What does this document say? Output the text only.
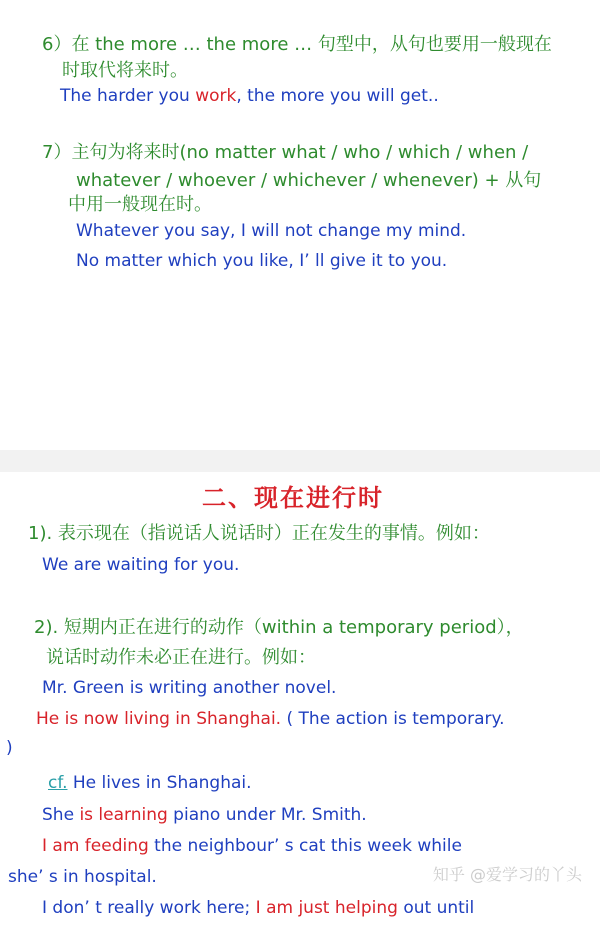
6）在 the more … the more … 句型中，从句也要用一般现在
时取代将来时。
The harder you work, the more you will get..
7）主句为将来时(no matter what / who / which / when /
whatever / whoever / whichever / whenever) + 从句
中用一般现在时。
Whatever you say, I will not change my mind.
No matter which you like, I’ ll give it to you.
二、现在进行时
1). 表示现在（指说话人说话时）正在发生的事情。例如：
We are waiting for you.
2). 短期内正在进行的动作（within a temporary period），
说话时动作未必正在进行。例如：
Mr. Green is writing another novel.
He is now living in Shanghai. ( The action is temporary.
)
cf. He lives in Shanghai.
She is learning piano under Mr. Smith.
I am feeding the neighbour’ s cat this week while
she’ s in hospital.
I don’ t really work here; I am just helping out until
知乎 @爱学习的丫头
